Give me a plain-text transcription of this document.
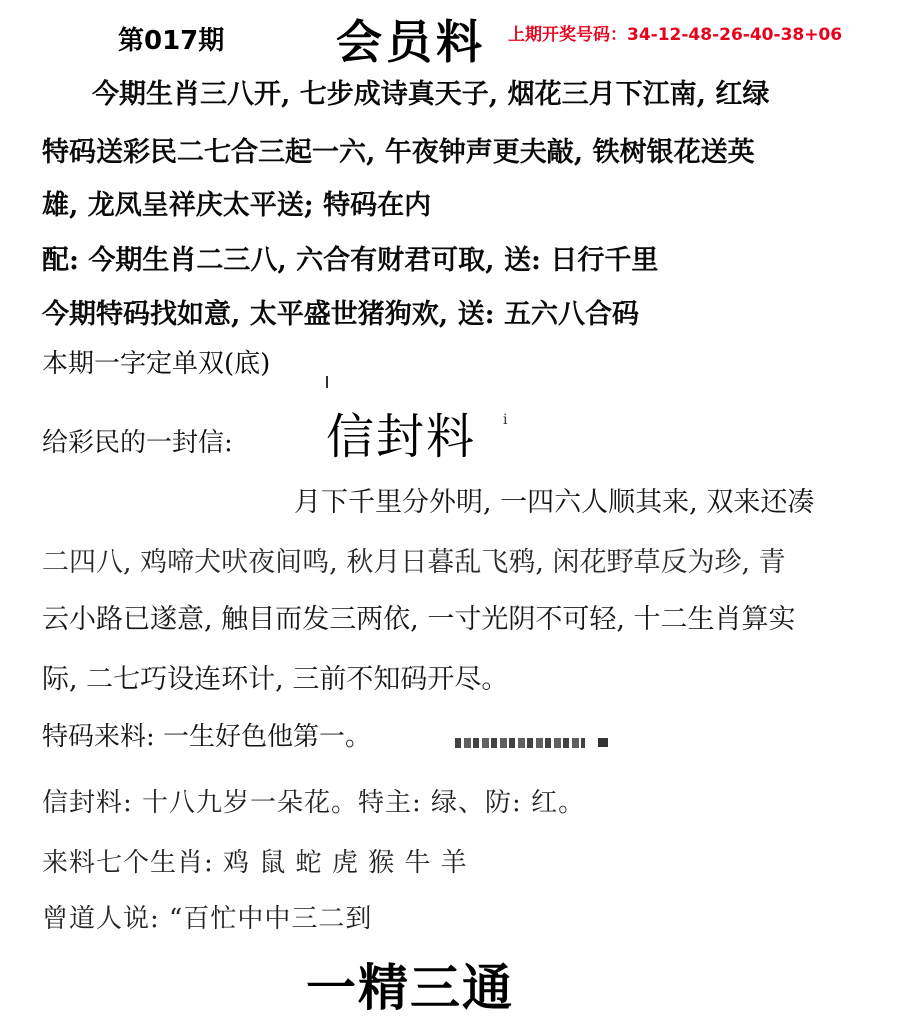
第017期 会员料 上期开奖号码：34-12-48-26-40-38+06
今期生肖三八开, 七步成诗真天子, 烟花三月下江南, 红绿
特码送彩民二七合三起一六, 午夜钟声更夫敲, 铁树银花送英
雄, 龙凤呈祥庆太平送; 特码在内
配: 今期生肖二三八, 六合有财君可取, 送: 日行千里
今期特码找如意, 太平盛世猪狗欢, 送: 五六八合码
本期一字定单双(底)
给彩民的一封信: 信封料 i
月下千里分外明, 一四六人顺其来, 双来还凑
二四八, 鸡啼犬吠夜间鸣, 秋月日暮乱飞鸦, 闲花野草反为珍, 青
云小路已遂意, 触目而发三两依, 一寸光阴不可轻, 十二生肖算实
际, 二七巧设连环计, 三前不知码开尽。
特码来料: 一生好色他第一。
信封料: 十八九岁一朵花。特主: 绿、防: 红。
来料七个生肖: 鸡 鼠 蛇 虎 猴 牛 羊
曾道人说: “百忙中中三二到
一精三通
